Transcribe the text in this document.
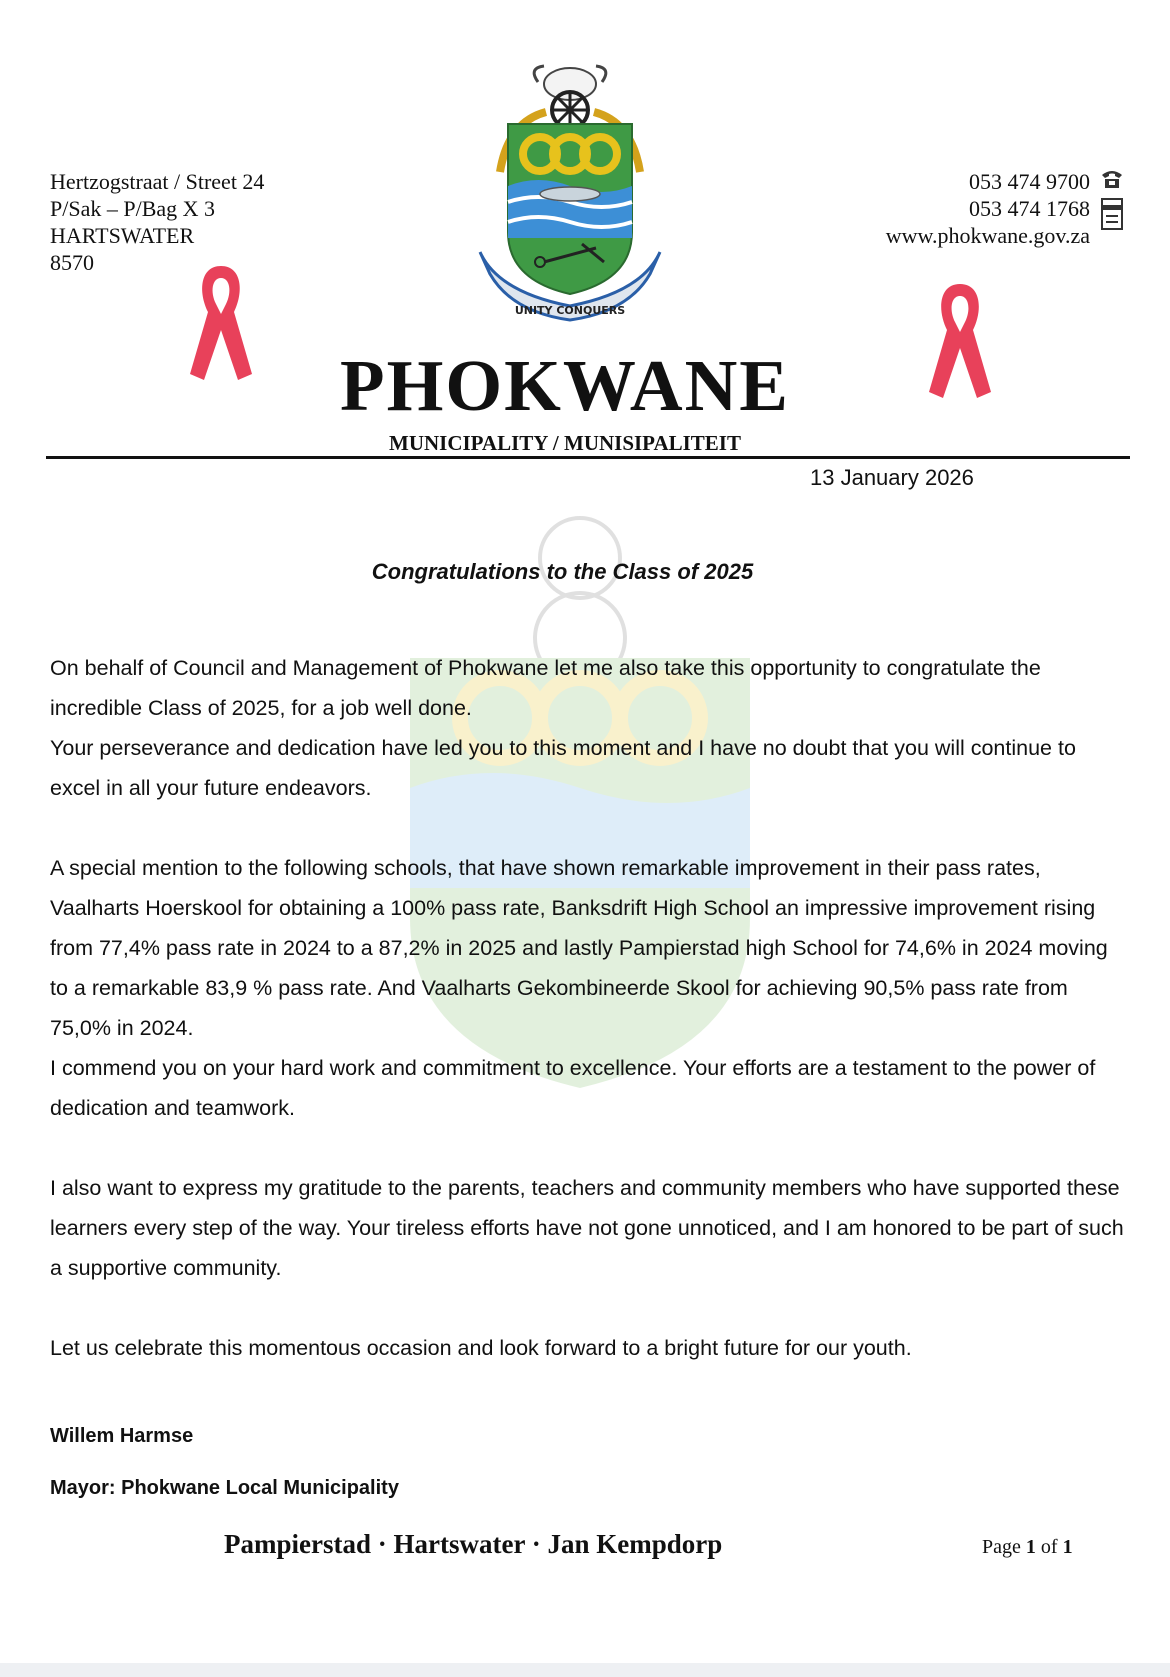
Hertzogstraat / Street 24
P/Sak – P/Bag X 3
HARTSWATER
8570
053 474 9700
053 474 1768
www.phokwane.gov.za
UNITY CONQUERS
PHOKWANE
MUNICIPALITY / MUNISIPALITEIT
13 January 2026
Congratulations to the Class of 2025

On behalf of Council and Management of Phokwane let me also take this opportunity to congratulate the incredible Class of 2025, for a job well done.

Your perseverance and dedication have led you to this moment and I have no doubt that you will continue to excel in all your future endeavors.

A special mention to the following schools, that have shown remarkable improvement in their pass rates, Vaalharts Hoerskool for obtaining a 100% pass rate, Banksdrift High School an impressive improvement rising from 77,4% pass rate in 2024 to a 87,2% in 2025 and lastly Pampierstad high School for 74,6% in 2024 moving to a remarkable 83,9 % pass rate. And Vaalharts Gekombineerde Skool for achieving 90,5% pass rate from 75,0% in 2024.

I commend you on your hard work and commitment to excellence. Your efforts are a testament to the power of dedication and teamwork.

I also want to express my gratitude to the parents, teachers and community members who have supported these learners every step of the way. Your tireless efforts have not gone unnoticed, and I am honored to be part of such a supportive community.

Let us celebrate this momentous occasion and look forward to a bright future for our youth.

Willem Harmse
Mayor: Phokwane Local Municipality
Pampierstad · Hartswater · Jan Kempdorp	Page 1 of 1
